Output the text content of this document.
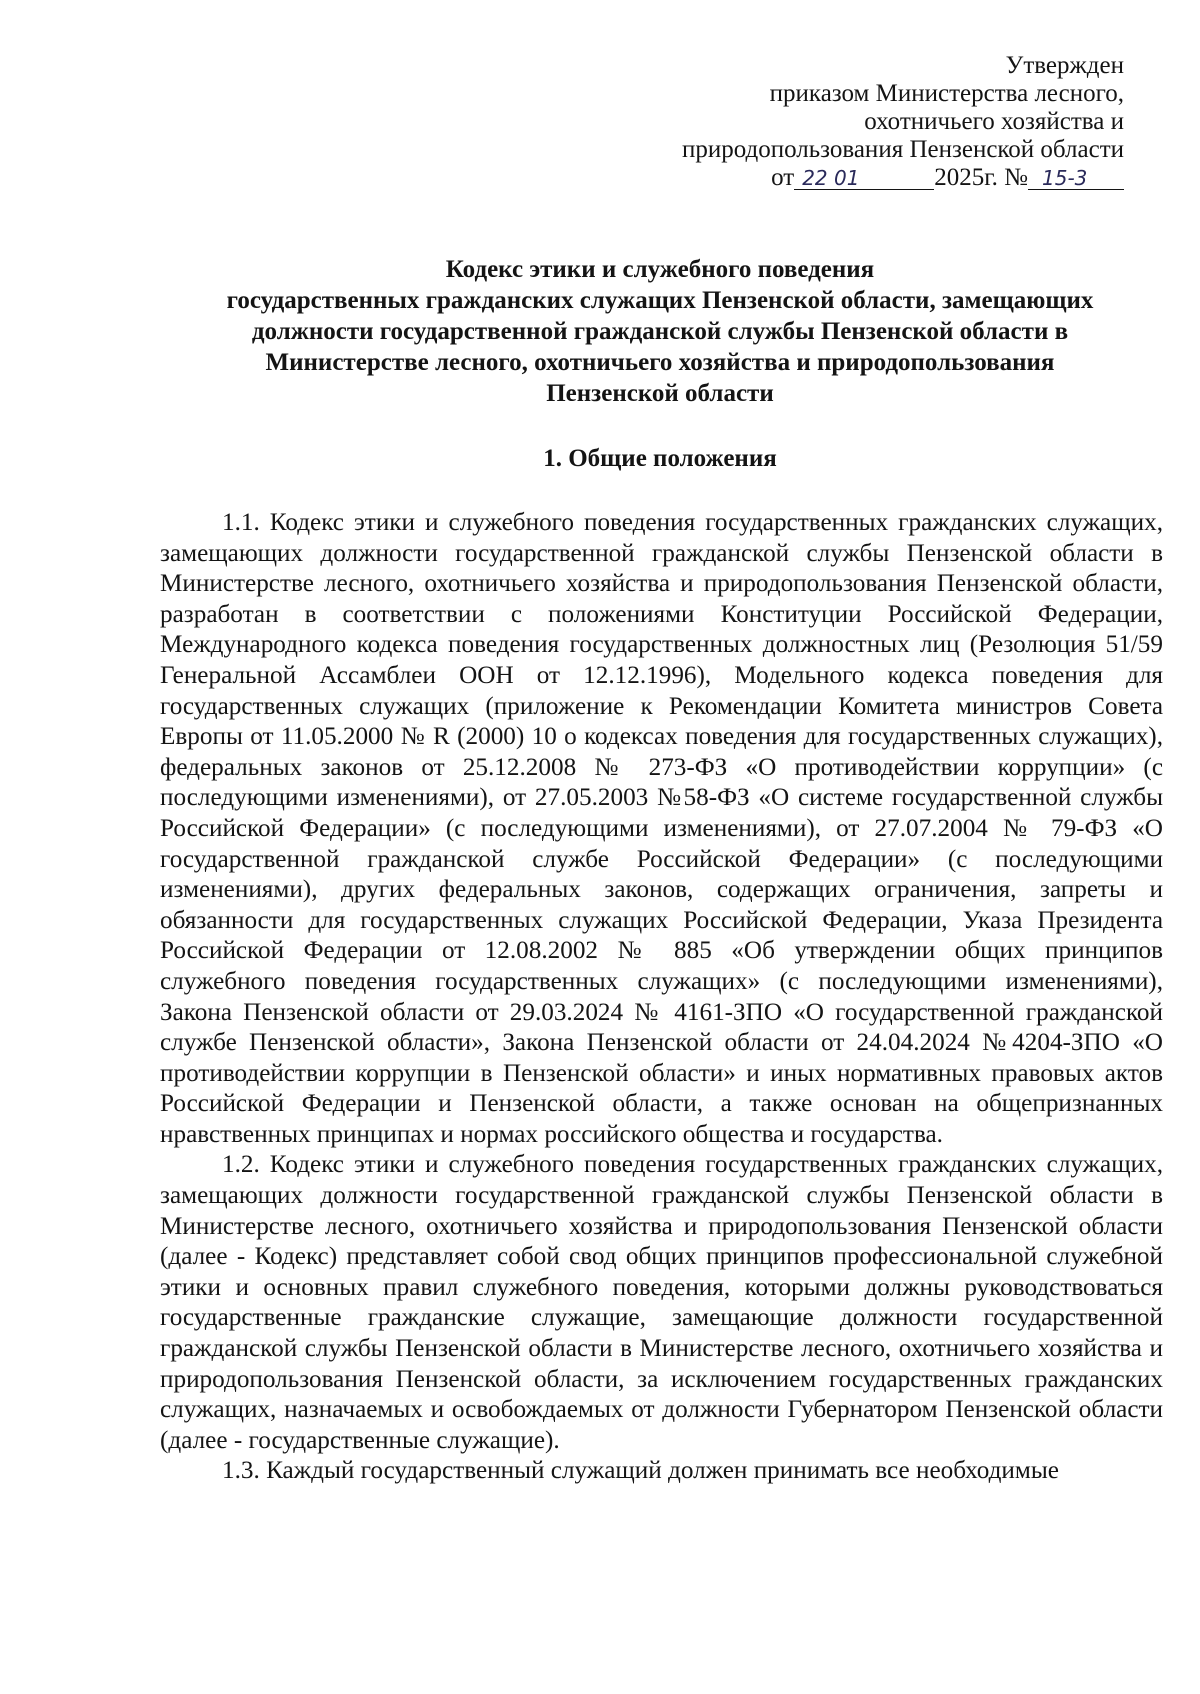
Утвержден
приказом Министерства лесного,
охотничьего хозяйства и
природопользования Пензенской области
от 22 01	2025г. № 15-3
Кодекс этики и служебного поведения
государственных гражданских служащих Пензенской области, замещающих
должности государственной гражданской службы Пензенской области в
Министерстве лесного, охотничьего хозяйства и природопользования
Пензенской области
1. Общие положения

1.1. Кодекс этики и служебного поведения государственных гражданских служащих, замещающих должности государственной гражданской службы Пензенской области в Министерстве лесного, охотничьего хозяйства и природопользования Пензенской области, разработан в соответствии с положениями Конституции Российской Федерации, Международного кодекса поведения государственных должностных лиц (Резолюция 51/59 Генеральной Ассамблеи ООН от 12.12.1996), Модельного кодекса поведения для государственных служащих (приложение к Рекомендации Комитета министров Совета Европы от 11.05.2000 № R (2000) 10 о кодексах поведения для государственных служащих), федеральных законов от 25.12.2008 № 273-ФЗ «О противодействии коррупции» (с последующими изменениями), от 27.05.2003 №58-ФЗ «О системе государственной службы Российской Федерации» (с последующими изменениями), от 27.07.2004 № 79-ФЗ «О государственной гражданской службе Российской Федерации» (с последующими изменениями), других федеральных законов, содержащих ограничения, запреты и обязанности для государственных служащих Российской Федерации, Указа Президента Российской Федерации от 12.08.2002 № 885 «Об утверждении общих принципов служебного поведения государственных служащих» (с последующими изменениями), Закона Пензенской области от 29.03.2024 № 4161-ЗПО «О государственной гражданской службе Пензенской области», Закона Пензенской области от 24.04.2024 №4204-ЗПО «О противодействии коррупции в Пензенской области» и иных нормативных правовых актов Российской Федерации и Пензенской области, а также основан на общепризнанных нравственных принципах и нормах российского общества и государства.

1.2. Кодекс этики и служебного поведения государственных гражданских служащих, замещающих должности государственной гражданской службы Пензенской области в Министерстве лесного, охотничьего хозяйства и природопользования Пензенской области (далее - Кодекс) представляет собой свод общих принципов профессиональной служебной этики и основных правил служебного поведения, которыми должны руководствоваться государственные гражданские служащие, замещающие должности государственной гражданской службы Пензенской области в Министерстве лесного, охотничьего хозяйства и природопользования Пензенской области, за исключением государственных гражданских служащих, назначаемых и освобождаемых от должности Губернатором Пензенской области (далее - государственные служащие).

1.3. Каждый государственный служащий должен принимать все необходимые
